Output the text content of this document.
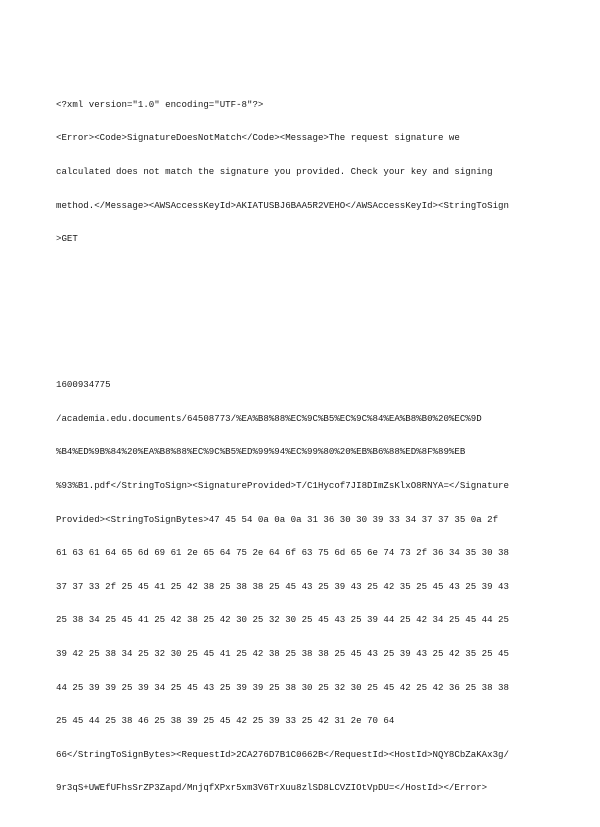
<?xml version="1.0" encoding="UTF-8"?>

<Error><Code>SignatureDoesNotMatch</Code><Message>The request signature we

calculated does not match the signature you provided. Check your key and signing

method.</Message><AWSAccessKeyId>AKIATUSBJ6BAA5R2VEHO</AWSAccessKeyId><StringToSign

>GET

1600934775

/academia.edu.documents/64508773/%EA%B8%88%EC%9C%B5%EC%9C%84%EA%B8%B0%20%EC%9D

%B4%ED%9B%84%20%EA%B8%88%EC%9C%B5%ED%99%94%EC%99%80%20%EB%B6%88%ED%8F%89%EB

%93%B1.pdf</StringToSign><SignatureProvided>T/C1Hycof7JI8DImZsKlxO8RNYA=</Signature

Provided><StringToSignBytes>47 45 54 0a 0a 0a 31 36 30 30 39 33 34 37 37 35 0a 2f

61 63 61 64 65 6d 69 61 2e 65 64 75 2e 64 6f 63 75 6d 65 6e 74 73 2f 36 34 35 30 38

37 37 33 2f 25 45 41 25 42 38 25 38 38 25 45 43 25 39 43 25 42 35 25 45 43 25 39 43

25 38 34 25 45 41 25 42 38 25 42 30 25 32 30 25 45 43 25 39 44 25 42 34 25 45 44 25

39 42 25 38 34 25 32 30 25 45 41 25 42 38 25 38 38 25 45 43 25 39 43 25 42 35 25 45

44 25 39 39 25 39 34 25 45 43 25 39 39 25 38 30 25 32 30 25 45 42 25 42 36 25 38 38

25 45 44 25 38 46 25 38 39 25 45 42 25 39 33 25 42 31 2e 70 64

66</StringToSignBytes><RequestId>2CA276D7B1C0662B</RequestId><HostId>NQY8CbZaKAx3g/

9r3qS+UWEfUFhsSrZP3Zapd/MnjqfXPxr5xm3V6TrXuu8zlSD8LCVZIOtVpDU=</HostId></Error>
